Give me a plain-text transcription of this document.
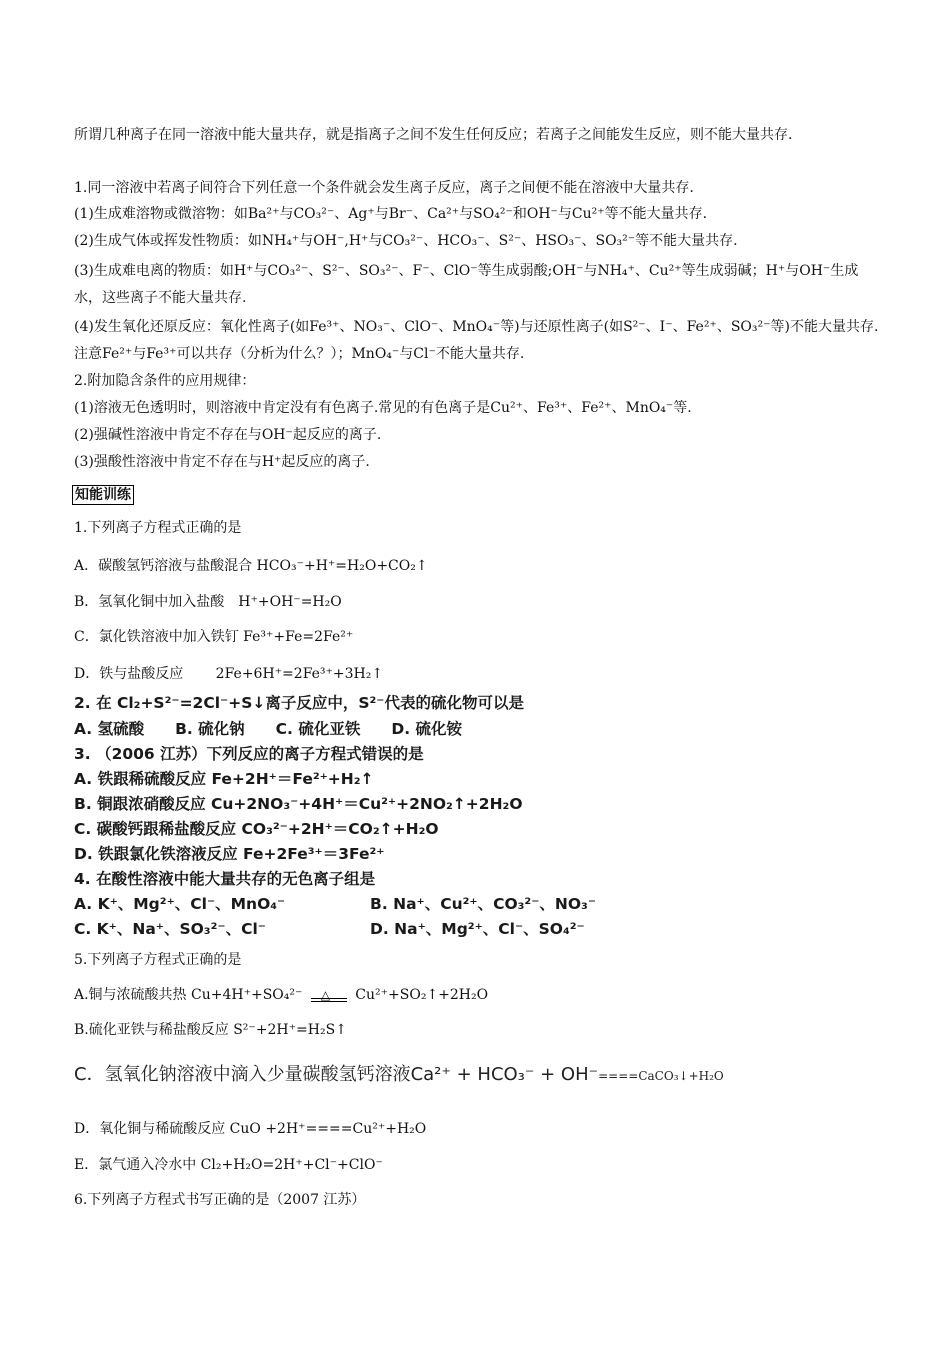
所谓几种离子在同一溶液中能大量共存，就是指离子之间不发生任何反应；若离子之间能发生反应，则不能大量共存.
1.同一溶液中若离子间符合下列任意一个条件就会发生离子反应，离子之间便不能在溶液中大量共存.
(1)生成难溶物或微溶物：如Ba²⁺与CO₃²⁻、Ag⁺与Br⁻、Ca²⁺与SO₄²⁻和OH⁻与Cu²⁺等不能大量共存.
(2)生成气体或挥发性物质：如NH₄⁺与OH⁻,H⁺与CO₃²⁻、HCO₃⁻、S²⁻、HSO₃⁻、SO₃²⁻等不能大量共存.
(3)生成难电离的物质：如H⁺与CO₃²⁻、S²⁻、SO₃²⁻、F⁻、ClO⁻等生成弱酸;OH⁻与NH₄⁺、Cu²⁺等生成弱碱；H⁺与OH⁻生成水，这些离子不能大量共存.
(4)发生氧化还原反应：氧化性离子(如Fe³⁺、NO₃⁻、ClO⁻、MnO₄⁻等)与还原性离子(如S²⁻、I⁻、Fe²⁺、SO₃²⁻等)不能大量共存.注意Fe²⁺与Fe³⁺可以共存（分析为什么？）；MnO₄⁻与Cl⁻不能大量共存.
2.附加隐含条件的应用规律：
(1)溶液无色透明时，则溶液中肯定没有有色离子.常见的有色离子是Cu²⁺、Fe³⁺、Fe²⁺、MnO₄⁻等.
(2)强碱性溶液中肯定不存在与OH⁻起反应的离子.
(3)强酸性溶液中肯定不存在与H⁺起反应的离子.
知能训练
1.下列离子方程式正确的是
A．碳酸氢钙溶液与盐酸混合 HCO₃⁻+H⁺=H₂O+CO₂↑
B．氢氧化铜中加入盐酸　H⁺+OH⁻=H₂O
C．氯化铁溶液中加入铁钉 Fe³⁺+Fe=2Fe²⁺
D．铁与盐酸反应　　 2Fe+6H⁺=2Fe³⁺+3H₂↑
2. 在 Cl₂+S²⁻=2Cl⁻+S↓离子反应中，S²⁻代表的硫化物可以是
A. 氢硫酸　　B. 硫化钠　　C. 硫化亚铁　　D. 硫化铵
3. （2006 江苏）下列反应的离子方程式错误的是
A. 铁跟稀硫酸反应 Fe+2H⁺＝Fe²⁺+H₂↑
B. 铜跟浓硝酸反应 Cu+2NO₃⁻+4H⁺＝Cu²⁺+2NO₂↑+2H₂O
C. 碳酸钙跟稀盐酸反应 CO₃²⁻+2H⁺＝CO₂↑+H₂O
D. 铁跟氯化铁溶液反应 Fe+2Fe³⁺＝3Fe²⁺
4. 在酸性溶液中能大量共存的无色离子组是
A. K⁺、Mg²⁺、Cl⁻、MnO₄⁻	B. Na⁺、Cu²⁺、CO₃²⁻、NO₃⁻
C. K⁺、Na⁺、SO₃²⁻、Cl⁻	D. Na⁺、Mg²⁺、Cl⁻、SO₄²⁻
5.下列离子方程式正确的是
A.铜与浓硫酸共热 Cu+4H⁺+SO₄²⁻ △ Cu²⁺+SO₂↑+2H₂O
B.硫化亚铁与稀盐酸反应 S²⁻+2H⁺=H₂S↑
C．氢氧化钠溶液中滴入少量碳酸氢钙溶液Ca²⁺ + HCO₃⁻ + OH⁻====CaCO₃↓+H₂O
D．氧化铜与稀硫酸反应 CuO +2H⁺====Cu²⁺+H₂O
E．氯气通入冷水中 Cl₂+H₂O=2H⁺+Cl⁻+ClO⁻
6.下列离子方程式书写正确的是（2007 江苏）
